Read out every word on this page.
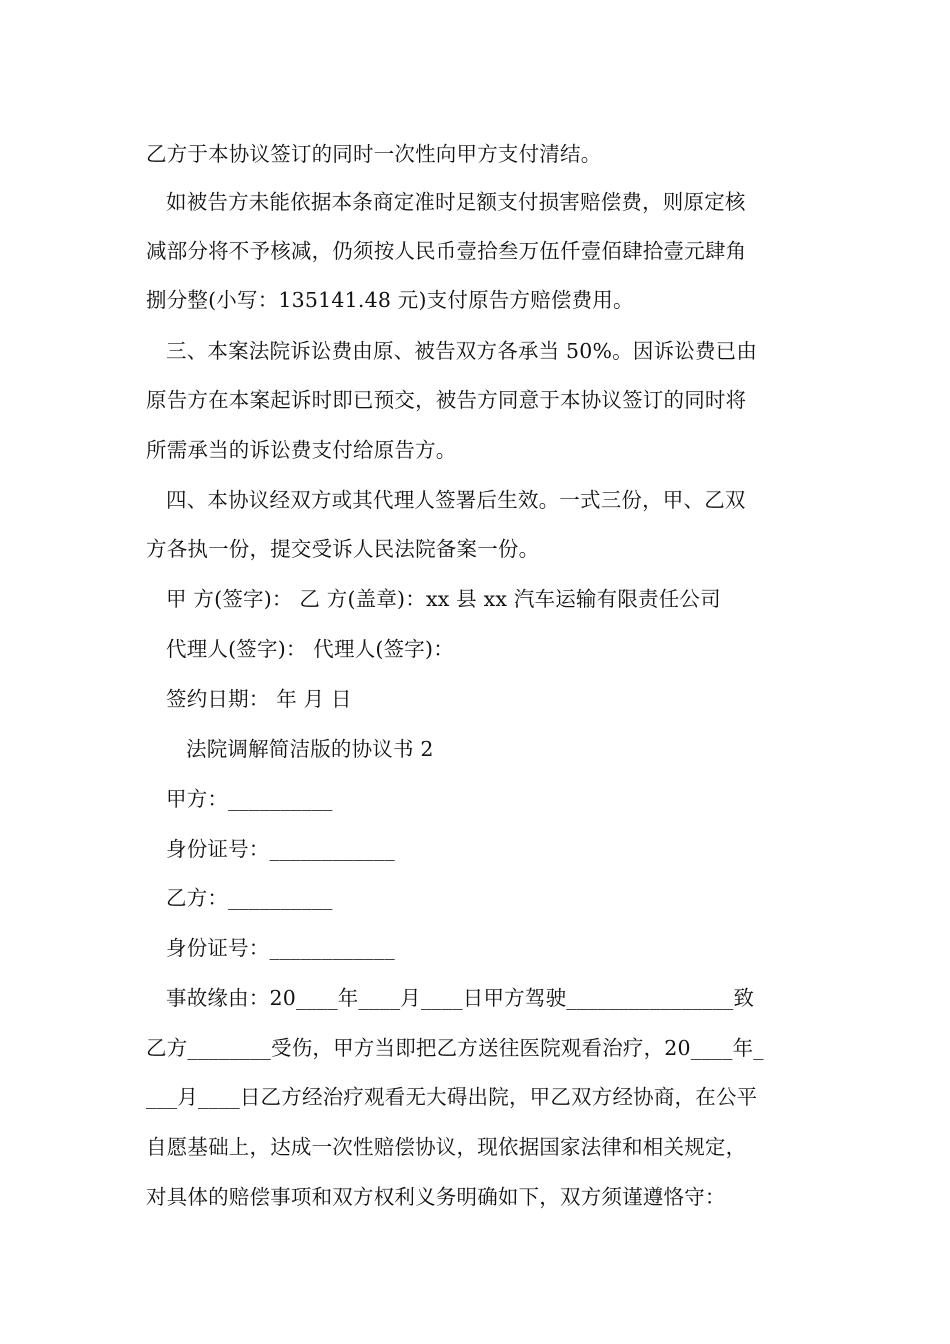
乙方于本协议签订的同时一次性向甲方支付清结。
如被告方未能依据本条商定准时足额支付损害赔偿费，则原定核
减部分将不予核减，仍须按人民币壹拾叁万伍仟壹佰肆拾壹元肆角
捌分整(小写：135141.48 元)支付原告方赔偿费用。
三、本案法院诉讼费由原、被告双方各承当 50%。因诉讼费已由
原告方在本案起诉时即已预交，被告方同意于本协议签订的同时将
所需承当的诉讼费支付给原告方。
四、本协议经双方或其代理人签署后生效。一式三份，甲、乙双
方各执一份，提交受诉人民法院备案一份。
甲 方(签字)： 乙 方(盖章)：xx 县 xx 汽车运输有限责任公司
代理人(签字)： 代理人(签字)：
签约日期： 年 月 日
法院调解简洁版的协议书 2
甲方：__________
身份证号：____________
乙方：__________
身份证号：____________
事故缘由：20____年____月____日甲方驾驶________________致
乙方________受伤，甲方当即把乙方送往医院观看治疗，20____年_
___月____日乙方经治疗观看无大碍出院，甲乙双方经协商，在公平
自愿基础上，达成一次性赔偿协议，现依据国家法律和相关规定，
对具体的赔偿事项和双方权利义务明确如下，双方须谨遵恪守：
